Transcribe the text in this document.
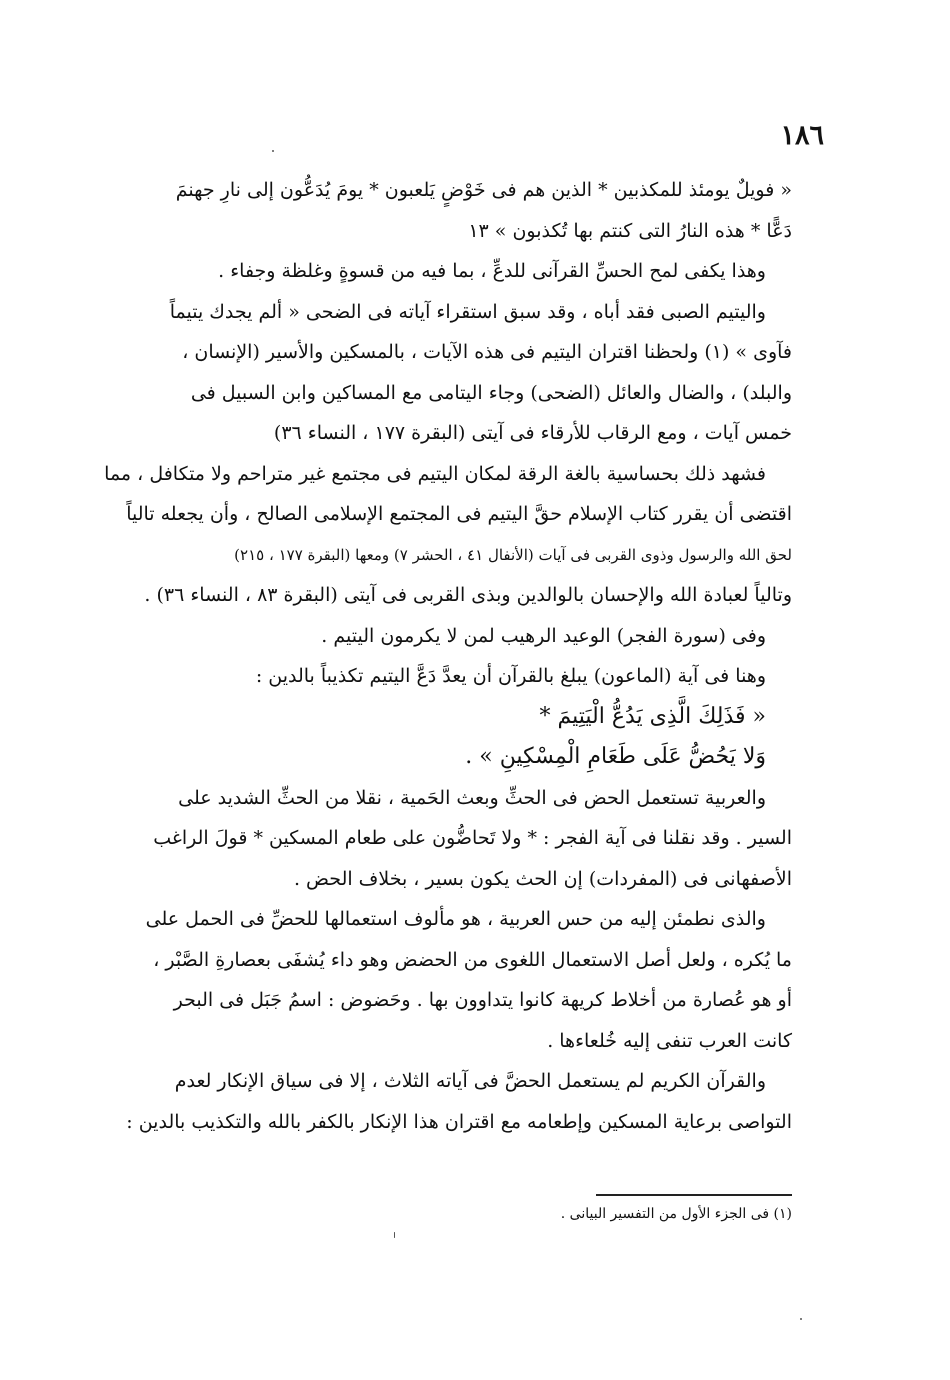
١٨٦
« فويلٌ يومئذ للمكذبين * الذين هم فى خَوْضٍ يَلعبون * يومَ يُدَعُّون إلى نارِ جهنمَ
دَعًّا * هذه النارُ التى كنتم بها تُكذبون » ١٣
وهذا يكفى لمح الحسِّ القرآنى للدعِّ ، بما فيه من قسوةٍ وغلظة وجفاء .
واليتيم الصبى فقد أباه ، وقد سبق استقراء آياته فى الضحى « ألم يجدك يتيماً
فآوى » (١) ولحظنا اقتران اليتيم فى هذه الآيات ، بالمسكين والأسير (الإنسان ،
والبلد) ، والضال والعائل (الضحى) وجاء اليتامى مع المساكين وابن السبيل فى
خمس آيات ، ومع الرقاب للأرقاء فى آيتى (البقرة ١٧٧ ، النساء ٣٦)
فشهد ذلك بحساسية بالغة الرقة لمكان اليتيم فى مجتمع غير متراحم ولا متكافل ، مما
اقتضى أن يقرر كتاب الإسلام حقَّ اليتيم فى المجتمع الإسلامى الصالح ، وأن يجعله تالياً
لحق الله والرسول وذوى القربى فى آيات (الأنفال ٤١ ، الحشر ٧) ومعها (البقرة ١٧٧ ، ٢١٥)
وتالياً لعبادة الله والإحسان بالوالدين وبذى القربى فى آيتى (البقرة ٨٣ ، النساء ٣٦) .
وفى (سورة الفجر) الوعيد الرهيب لمن لا يكرمون اليتيم .
وهنا فى آية (الماعون) يبلغ بالقرآن أن يعدَّ دَعَّ اليتيم تكذيباً بالدين :
« فَذَلِكَ الَّذِى يَدُعُّ الْيَتِيمَ *
وَلا يَحُضُّ عَلَى طَعَامِ الْمِسْكِينِ » .
والعربية تستعمل الحض فى الحثِّ وبعث الحَمية ، نقلا من الحثِّ الشديد على
السير . وقد نقلنا فى آية الفجر : * ولا تَحاضُّون على طعام المسكين * قولَ الراغب
الأصفهانى فى (المفردات) إن الحث يكون بسير ، بخلاف الحض .
والذى نطمئن إليه من حس العربية ، هو مألوف استعمالها للحضِّ فى الحمل على
ما يُكره ، ولعل أصل الاستعمال اللغوى من الحضض وهو داء يُشفَى بعصارةِ الصَّبْر ،
أو هو عُصارة من أخلاط كريهة كانوا يتداوون بها . وحَضوض : اسمُ جَبَل فى البحر
كانت العرب تنفى إليه خُلعاءها .
والقرآن الكريم لم يستعمل الحضَّ فى آياته الثلاث ، إلا فى سياق الإنكار لعدم
التواصى برعاية المسكين وإطعامه مع اقتران هذا الإنكار بالكفر بالله والتكذيب بالدين :
(١) فى الجزء الأول من التفسير البيانى .
